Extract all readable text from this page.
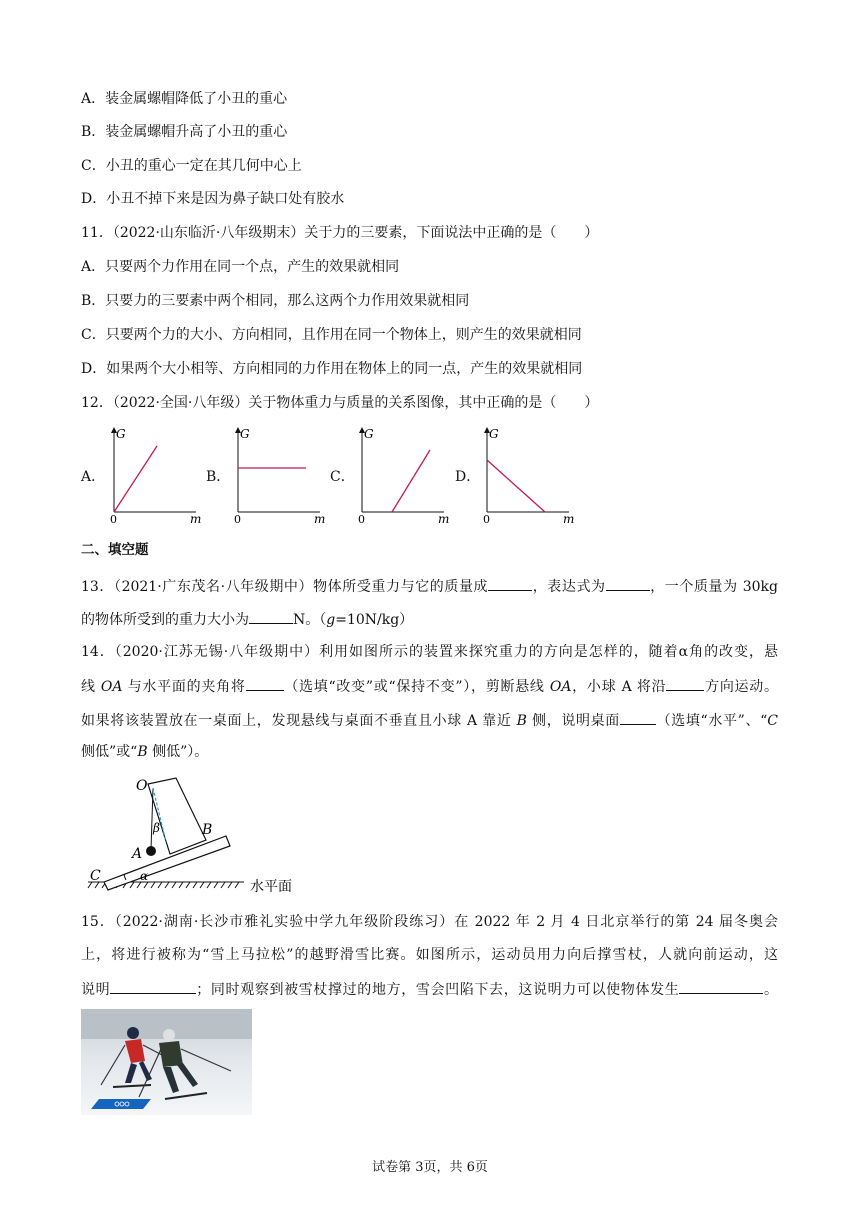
A．装金属螺帽降低了小丑的重心
B．装金属螺帽升高了小丑的重心
C．小丑的重心一定在其几何中心上
D．小丑不掉下来是因为鼻子缺口处有胶水
11．（2022·山东临沂·八年级期末）关于力的三要素，下面说法中正确的是（　　）
A．只要两个力作用在同一个点，产生的效果就相同
B．只要力的三要素中两个相同，那么这两个力作用效果就相同
C．只要两个力的大小、方向相同，且作用在同一个物体上，则产生的效果就相同
D．如果两个大小相等、方向相同的力作用在物体上的同一点，产生的效果就相同
12．（2022·全国·八年级）关于物体重力与质量的关系图像，其中正确的是（　　）
A．
G
0	m
B．
G
0	m
C．
G
0	m
D．
G
0	m
二、填空题
13．（2021·广东茂名·八年级期中）物体所受重力与它的质量成	，表达式为	，一个质量为 30kg
的物体所受到的重力大小为	N。（g=10N/kg）
14．（2020·江苏无锡·八年级期中）利用如图所示的装置来探究重力的方向是怎样的，随着α角的改变，悬
线 OA 与水平面的夹角将	（选填“改变”或“保持不变”），剪断悬线 OA，小球 A 将沿	方向运动。
如果将该装置放在一桌面上，发现悬线与桌面不垂直且小球 A 靠近 B 侧，说明桌面	（选填“水平”、“C
侧低”或“B 侧低”）。
O
A
B
C	α
β
水平面
15．（2022·湖南·长沙市雅礼实验中学九年级阶段练习）在 2022 年 2 月 4 日北京举行的第 24 届冬奥会
上，将进行被称为“雪上马拉松”的越野滑雪比赛。如图所示，运动员用力向后撑雪杖，人就向前运动，这
说明	；同时观察到被雪杖撑过的地方，雪会凹陷下去，这说明力可以使物体发生	。
试卷第 3页，共 6页
